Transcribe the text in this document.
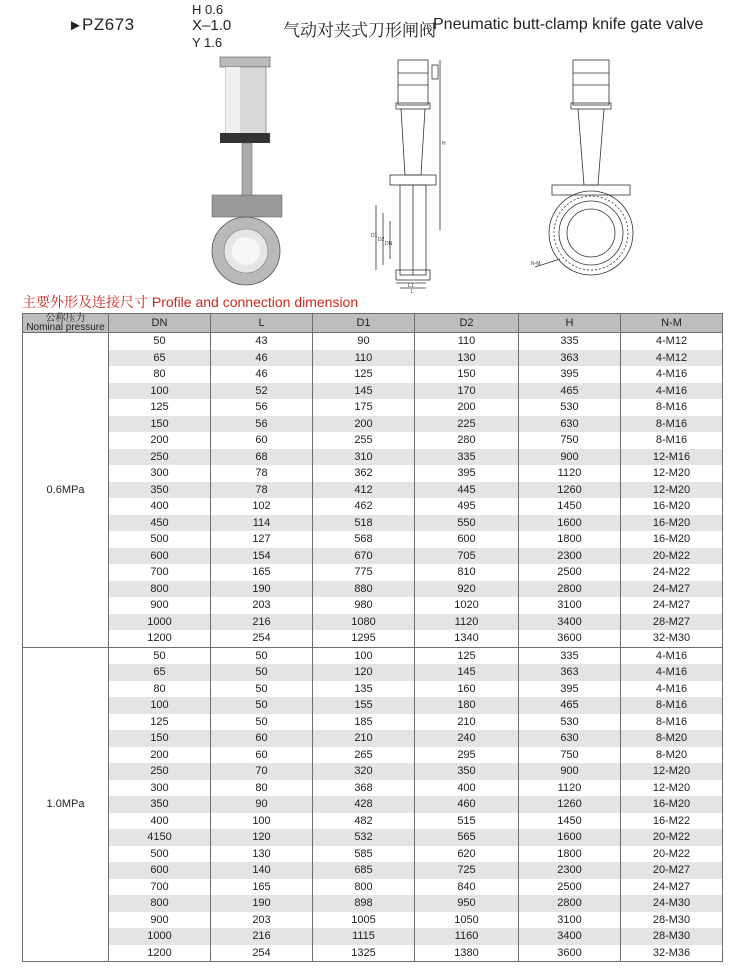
► PZ673
H 0.6
X‒1.0
Y 1.6
气动对夹式刀形闸阀
Pneumatic butt-clamp knife gate valve
H
D1
D2
DN
L
L1
N-M
主要外形及连接尺寸 Profile and connection dimension
公称压力
Nominal pressure	DN	L	D1	D2	H	N-M
0.6MPa	50	43	90	110	335	4-M12
	65	46	110	130	363	4-M12
	80	46	125	150	395	4-M16
	100	52	145	170	465	4-M16
	125	56	175	200	530	8-M16
	150	56	200	225	630	8-M16
	200	60	255	280	750	8-M16
	250	68	310	335	900	12-M16
	300	78	362	395	1120	12-M20
	350	78	412	445	1260	12-M20
	400	102	462	495	1450	16-M20
	450	114	518	550	1600	16-M20
	500	127	568	600	1800	16-M20
	600	154	670	705	2300	20-M22
	700	165	775	810	2500	24-M22
	800	190	880	920	2800	24-M27
	900	203	980	1020	3100	24-M27
	1000	216	1080	1120	3400	28-M27
	1200	254	1295	1340	3600	32-M30
1.0MPa	50	50	100	125	335	4-M16
	65	50	120	145	363	4-M16
	80	50	135	160	395	4-M16
	100	50	155	180	465	8-M16
	125	50	185	210	530	8-M16
	150	60	210	240	630	8-M20
	200	60	265	295	750	8-M20
	250	70	320	350	900	12-M20
	300	80	368	400	1120	12-M20
	350	90	428	460	1260	16-M20
	400	100	482	515	1450	16-M22
	4150	120	532	565	1600	20-M22
	500	130	585	620	1800	20-M22
	600	140	685	725	2300	20-M27
	700	165	800	840	2500	24-M27
	800	190	898	950	2800	24-M30
	900	203	1005	1050	3100	28-M30
	1000	216	1115	1160	3400	28-M30
	1200	254	1325	1380	3600	32-M36
